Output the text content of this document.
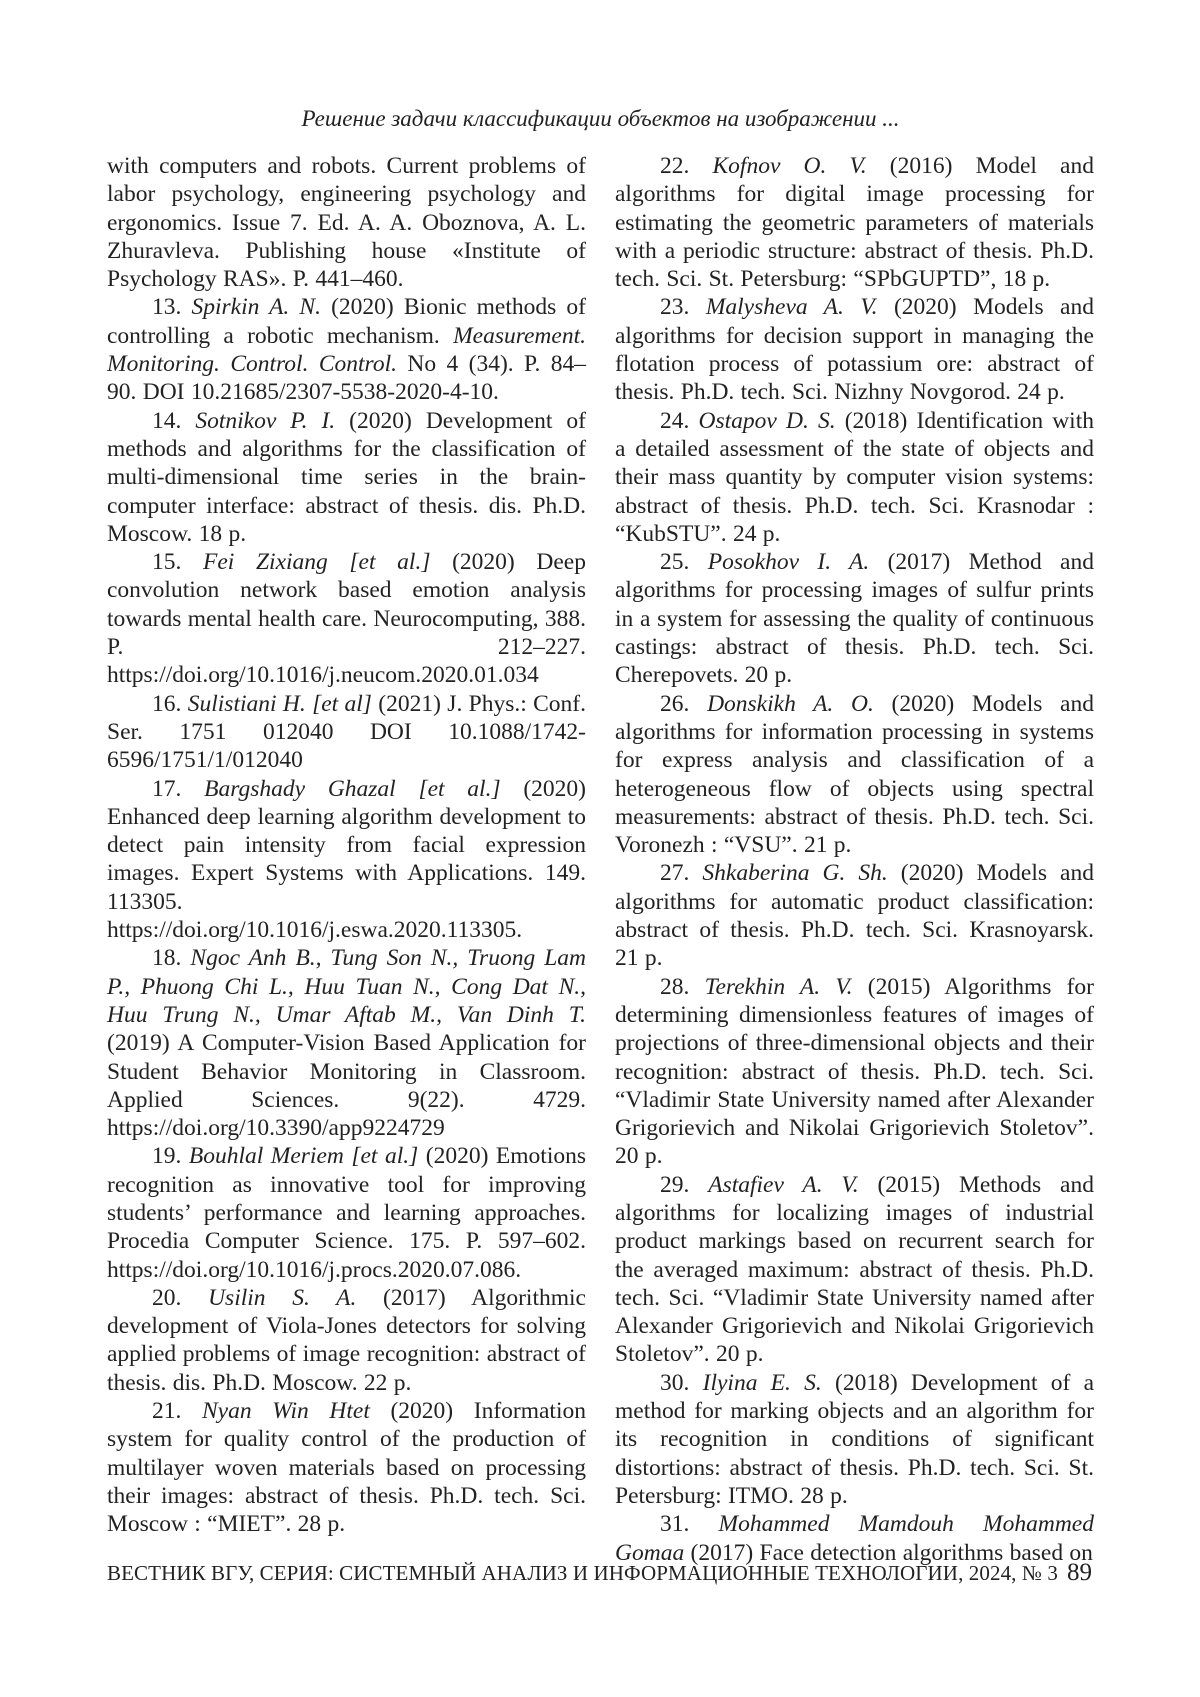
Решение задачи классификации объектов на изображении ...

with computers and robots. Current problems of labor psychology, engineering psychology and ergonomics. Issue 7. Ed. A. A. Oboznova, A. L. Zhuravleva. Publishing house «Institute of Psychology RAS». P. 441–460.

13. Spirkin A. N. (2020) Bionic methods of controlling a robotic mechanism. Measurement. Monitoring. Control. Control. No 4 (34). P. 84–90. DOI 10.21685/2307-5538-2020-4-10.

14. Sotnikov P. I. (2020) Development of methods and algorithms for the classification of multi-dimensional time series in the brain-computer interface: abstract of thesis. dis. Ph.D. Moscow. 18 p.

15. Fei Zixiang [et al.] (2020) Deep convolution network based emotion analysis towards mental health care. Neurocomputing, 388. P. 212–227. https://doi.org/10.1016/j.neucom.2020.01.034

16. Sulistiani H. [et al] (2021) J. Phys.: Conf. Ser. 1751 012040 DOI 10.1088/1742-6596/1751/1/012040

17. Bargshady Ghazal [et al.] (2020) Enhanced deep learning algorithm development to detect pain intensity from facial expression images. Expert Systems with Applications. 149. 113305. https://doi.org/10.1016/j.eswa.2020.113305.

18. Ngoc Anh B., Tung Son N., Truong Lam P., Phuong Chi L., Huu Tuan N., Cong Dat N., Huu Trung N., Umar Aftab M., Van Dinh T. (2019) A Computer-Vision Based Application for Student Behavior Monitoring in Classroom. Applied Sciences. 9(22). 4729. https://doi.org/10.3390/app9224729

19. Bouhlal Meriem [et al.] (2020) Emotions recognition as innovative tool for improving students’ performance and learning approaches. Procedia Computer Science. 175. P. 597–602. https://doi.org/10.1016/j.procs.2020.07.086.

20. Usilin S. A. (2017) Algorithmic development of Viola-Jones detectors for solving applied problems of image recognition: abstract of thesis. dis. Ph.D. Moscow. 22 p.

21. Nyan Win Htet (2020) Information system for quality control of the production of multilayer woven materials based on processing their images: abstract of thesis. Ph.D. tech. Sci. Moscow : “MIET”. 28 p.

22. Kofnov O. V. (2016) Model and algorithms for digital image processing for estimating the geometric parameters of materials with a periodic structure: abstract of thesis. Ph.D. tech. Sci. St. Petersburg: “SPbGUPTD”, 18 p.

23. Malysheva A. V. (2020) Models and algorithms for decision support in managing the flotation process of potassium ore: abstract of thesis. Ph.D. tech. Sci. Nizhny Novgorod. 24 p.

24. Ostapov D. S. (2018) Identification with a detailed assessment of the state of objects and their mass quantity by computer vision systems: abstract of thesis. Ph.D. tech. Sci. Krasnodar : “KubSTU”. 24 p.

25. Posokhov I. A. (2017) Method and algorithms for processing images of sulfur prints in a system for assessing the quality of continuous castings: abstract of thesis. Ph.D. tech. Sci. Cherepovets. 20 p.

26. Donskikh A. O. (2020) Models and algorithms for information processing in systems for express analysis and classification of a heterogeneous flow of objects using spectral measurements: abstract of thesis. Ph.D. tech. Sci. Voronezh : “VSU”. 21 p.

27. Shkaberina G. Sh. (2020) Models and algorithms for automatic product classification: abstract of thesis. Ph.D. tech. Sci. Krasnoyarsk. 21 p.

28. Terekhin A. V. (2015) Algorithms for determining dimensionless features of images of projections of three-dimensional objects and their recognition: abstract of thesis. Ph.D. tech. Sci. “Vladimir State University named after Alexander Grigorievich and Nikolai Grigorievich Stoletov”. 20 p.

29. Astafiev A. V. (2015) Methods and algorithms for localizing images of industrial product markings based on recurrent search for the averaged maximum: abstract of thesis. Ph.D. tech. Sci. “Vladimir State University named after Alexander Grigorievich and Nikolai Grigorievich Stoletov”. 20 p.

30. Ilyina E. S. (2018) Development of a method for marking objects and an algorithm for its recognition in conditions of significant distortions: abstract of thesis. Ph.D. tech. Sci. St. Petersburg: ITMO. 28 p.

31. Mohammed Mamdouh Mohammed Gomaa (2017) Face detection algorithms based on

ВЕСТНИК ВГУ, СЕРИЯ: СИСТЕМНЫЙ АНАЛИЗ И ИНФОРМАЦИОННЫЕ ТЕХНОЛОГИИ, 2024, № 3 89
